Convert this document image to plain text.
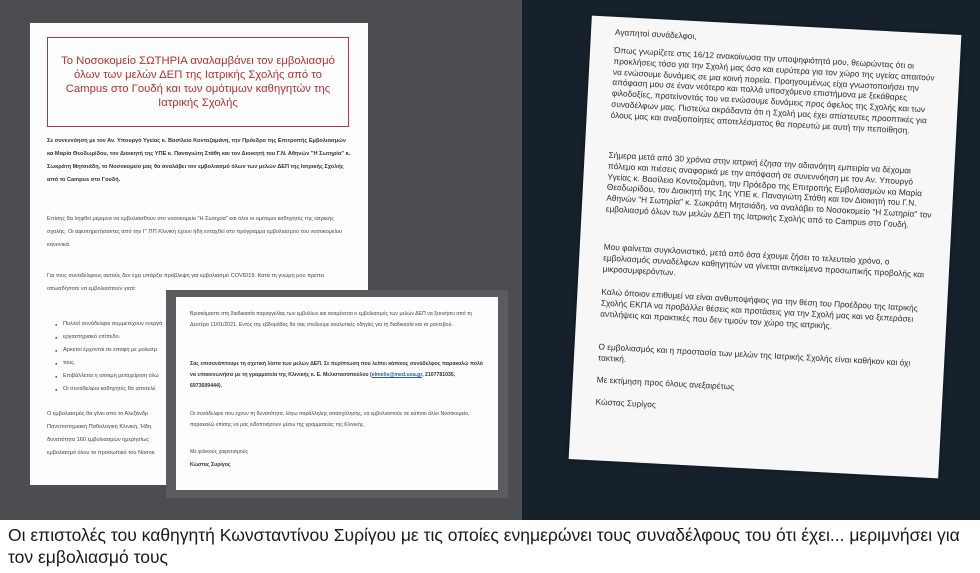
Το Νοσοκομείο ΣΩΤΗΡΙΑ αναλαμβάνει τον εμβολιασμό όλων των μελών ΔΕΠ της Ιατρικής Σχολής από το Campus στο Γουδή και των ομότιμων καθηγητών της Ιατρικής Σχολής
Σε συνεννόηση με τον Αν. Υπουργό Υγείας κ. Βασίλειο Κοντοζαμάνη, την Πρόεδρο της Επιτροπής Εμβολιασμών κα Μαρία Θεοδωρίδου, τον Διοικητή της ΥΠΕ κ. Παναγιώτη Στάθη και τον Διοικητή του Γ.Ν. Αθηνών "Η Σωτηρία" κ. Σωκράτη Μητσιάδη, το Νοσοκομείο μας θα αναλάβει τον εμβολιασμό όλων των μελών ΔΕΠ της Ιατρικής Σχολής από το Campus στο Γουδή.
Επίσης θα ληφθεί μέριμνα να εμβολιασθούν στο νοσοκομείο "Η Σωτηρία" και όλοι οι ομότιμοι καθηγητές της ιατρικής σχολής. Οι αφυπηρετήσαντες από την Γ' ΠΠ Κλινική έχουν ήδη ενταχθεί στο πρόγραμμα εμβολιασμού του νοσοκομείου κανονικά.
Για τους συναδέλφους αυτούς δεν έχει υπάρξει πρόβλεψη για εμβολιασμό COVID19. Κατά τη γνώμη μου πρέπει οπωσδήποτε να εμβολιαστούν γιατί:
● Πολλοί συνάδελφοι συμμετέχουν ενεργά
● εργαστηριακό επίπεδο.
● Αρκετοί έρχονται σε επαφή με μολυσμ
● τους.
● Επιβάλλεται η ισότιμη μεταχείριση όλω
● Οι συνάδελφοι καθηγητές θα αποτελέ
Ο εμβολιασμός θα γίνει από το Αλεξάνδρ
Πανεπιστημιακή Παθολογική Κλινική. Ήδη
δυνατότητα 160 εμβολιασμών ημερησίως
εμβολιασμό όλου το προσωπικό του Νοσοκ
Βρισκόμαστε στη διαδικασία παραγγελίας των εμβολίων και αναμένεται ο εμβολιασμός των μελών ΔΕΠ να ξεκινήσει από τη Δευτέρα 11/01/2021. Εντός της εβδομάδας θα σας στείλουμε αναλυτικές οδηγίες για τη διαδικασία και τα ραντεβού.
Σας επισυνάπτουμε τη σχετική λίστα των μελών ΔΕΠ. Σε περίπτωση που λείπει κάποιος συνάδελφος παρακαλώ πολύ να επικοινωνήσει με τη γραμματεία της Κλινικής κ. Ε. Μελιστασοπούλου (elmelis@med.uoa.gr, 2107781035, 6973699444).
Οι συνάδελφοι που έχουν τη δυνατότητα, λόγω παράλληλης απασχόλησης, να εμβολιαστούν σε κάποιο άλλο Νοσοκομείο, παρακαλώ επίσης να μας ειδοποιήσουν μέσω της γραμματείας της Κλινικής.
Με φιλικούς χαιρετισμούς
Κώστας Συρίγος
Αγαπητοί συνάδελφοι,
Όπως γνωρίζετε στις 16/12 ανακοίνωσα την υποψηφιότητά μου, θεωρώντας ότι οι προκλήσεις τόσο για την Σχολή μας όσο και ευρύτερα για τον χώρο της υγείας απαιτούν να ενώσουμε δυνάμεις σε μια κοινή πορεία. Προηγουμένως είχα γνωστοποιήσει την απόφαση μου σε έναν νεότερο και πολλά υποσχόμενο επιστήμονα με ξεκάθαρες φιλοδοξίες, προτείνοντάς του να ενώσουμε δυνάμεις προς όφελος της Σχολής και των συναδέλφων μας. Πιστεύω ακράδαντα ότι η Σχολή μας έχει απίστευτες προοπτικές για όλους μας και αναξιοποίητες αποτελέσματος θα πορευτώ με αυτή την πεποίθηση.
Σήμερα μετά από 30 χρόνια στην ιατρική έζησα την αδιανόητη εμπειρία να δέχομαι πόλεμο και πιέσεις αναφορικά με την απόφασή σε συνεννόηση με τον Αν. Υπουργό Υγείας κ. Βασίλειο Κοντοζαμάνη, την Πρόεδρο της Επιτροπής Εμβολιασμών κα Μαρία Θεοδωρίδου, τον Διοικητή της 1ης ΥΠΕ κ. Παναγιώτη Στάθη και τον Διοικητή του Γ.Ν. Αθηνών "Η Σωτηρία" κ. Σωκράτη Μητσιάδη, να αναλάβει το Νοσοκομείο "Η Σωτηρία" τον εμβολιασμό όλων των μελών ΔΕΠ της Ιατρικής Σχολής από το Campus στο Γουδή.
Μου φαίνεται συγκλονιστικό, μετά από όσα έχουμε ζήσει το τελευταίο χρόνο, ο εμβολιασμός συναδέλφων καθηγητών να γίνεται αντικείμενο προσωπικής προβολής και μικροσυμφερόντων.
Καλώ όποιον επιθυμεί να είναι ανθυποψήφιος για την θέση του Προέδρου της Ιατρικής Σχολής ΕΚΠΑ να προβάλλει θέσεις και προτάσεις για την Σχολή μας και να ξεπεράσει αντιλήψεις και πρακτικές που δεν τιμούν τον χώρο της ιατρικής.
Ο εμβολιασμός και η προστασία των μελών της Ιατρικής Σχολής είναι καθήκον και όχι τακτική.
Με εκτίμηση προς όλους ανεξαιρέτως
Κώστας Συρίγος
Οι επιστολές του καθηγητή Κωνσταντίνου Συρίγου με τις οποίες ενημερώνει τους συναδέλφους του ότι έχει... μεριμνήσει για τον εμβολιασμό τους
